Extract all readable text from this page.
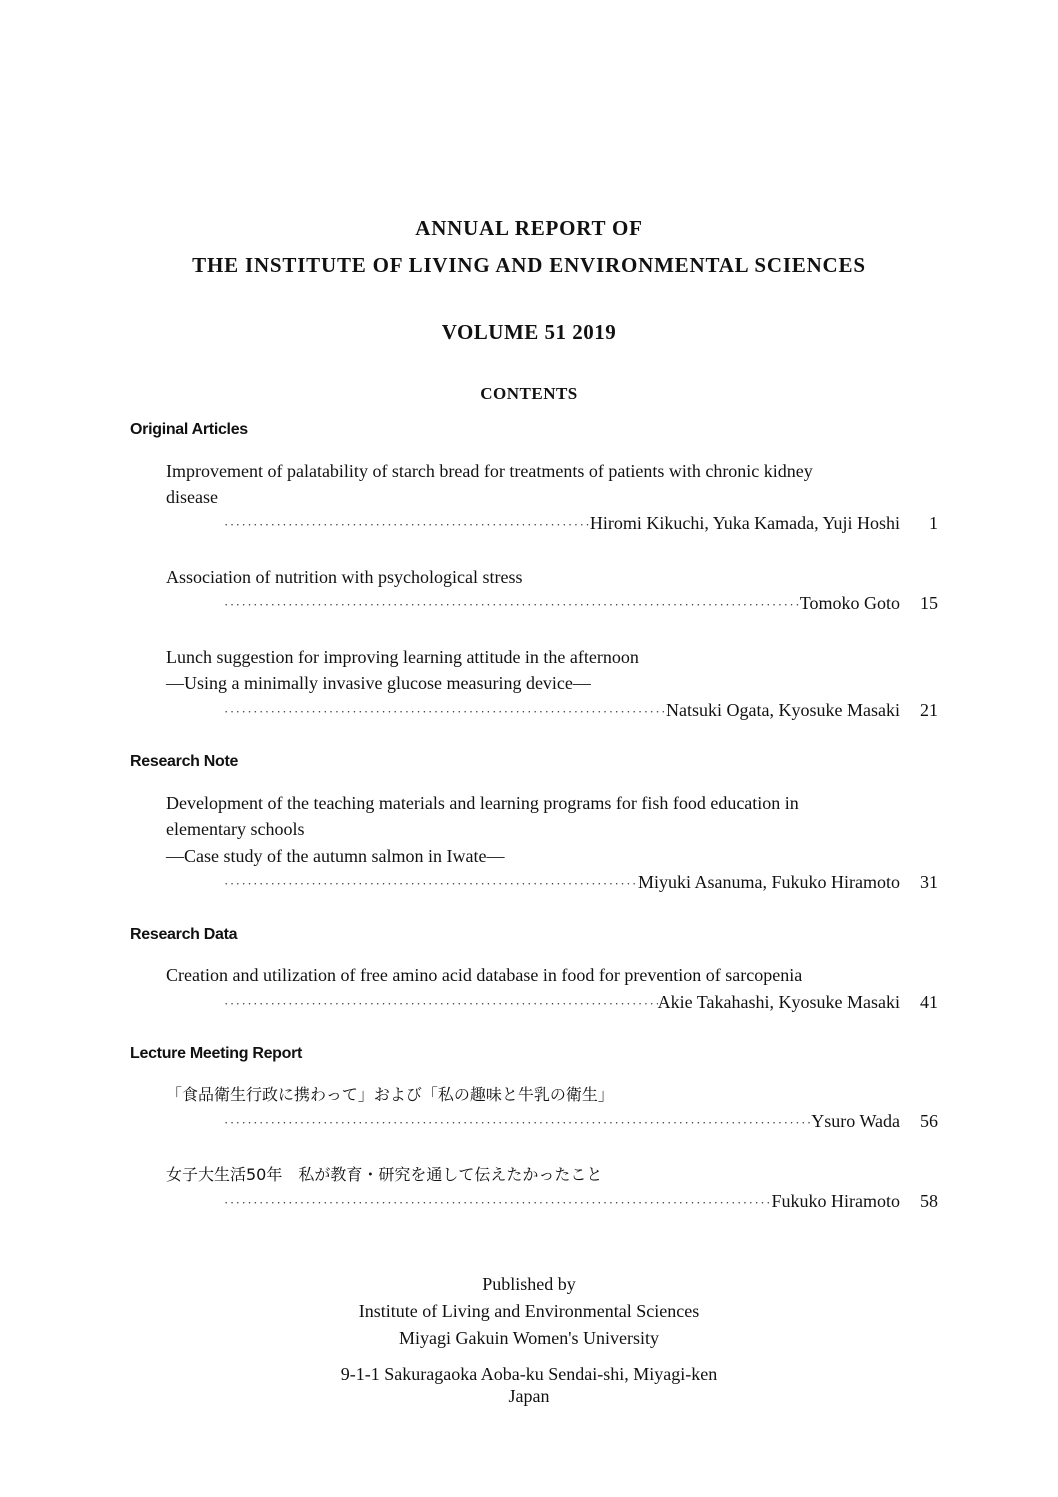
ANNUAL REPORT OF
THE INSTITUTE OF LIVING AND ENVIRONMENTAL SCIENCES
VOLUME 51 2019
CONTENTS
Original Articles
Improvement of palatability of starch bread for treatments of patients with chronic kidney
disease
·····
Hiromi Kikuchi, Yuka Kamada, Yuji Hoshi	1
Association of nutrition with psychological stress
·····
Tomoko Goto	15
Lunch suggestion for improving learning attitude in the afternoon
—Using a minimally invasive glucose measuring device—
·····
Natsuki Ogata, Kyosuke Masaki	21
Research Note
Development of the teaching materials and learning programs for fish food education in
elementary schools
—Case study of the autumn salmon in Iwate—
·····
Miyuki Asanuma, Fukuko Hiramoto	31
Research Data
Creation and utilization of free amino acid database in food for prevention of sarcopenia
·····
Akie Takahashi, Kyosuke Masaki	41
Lecture Meeting Report
「食品衛生行政に携わって」および「私の趣味と牛乳の衛生」
·····
Ysuro Wada	56
女子大生活50年　私が教育・研究を通して伝えたかったこと
·····
Fukuko Hiramoto	58
Published by
Institute of Living and Environmental Sciences
Miyagi Gakuin Women's University
9-1-1 Sakuragaoka Aoba-ku Sendai-shi, Miyagi-ken
Japan
